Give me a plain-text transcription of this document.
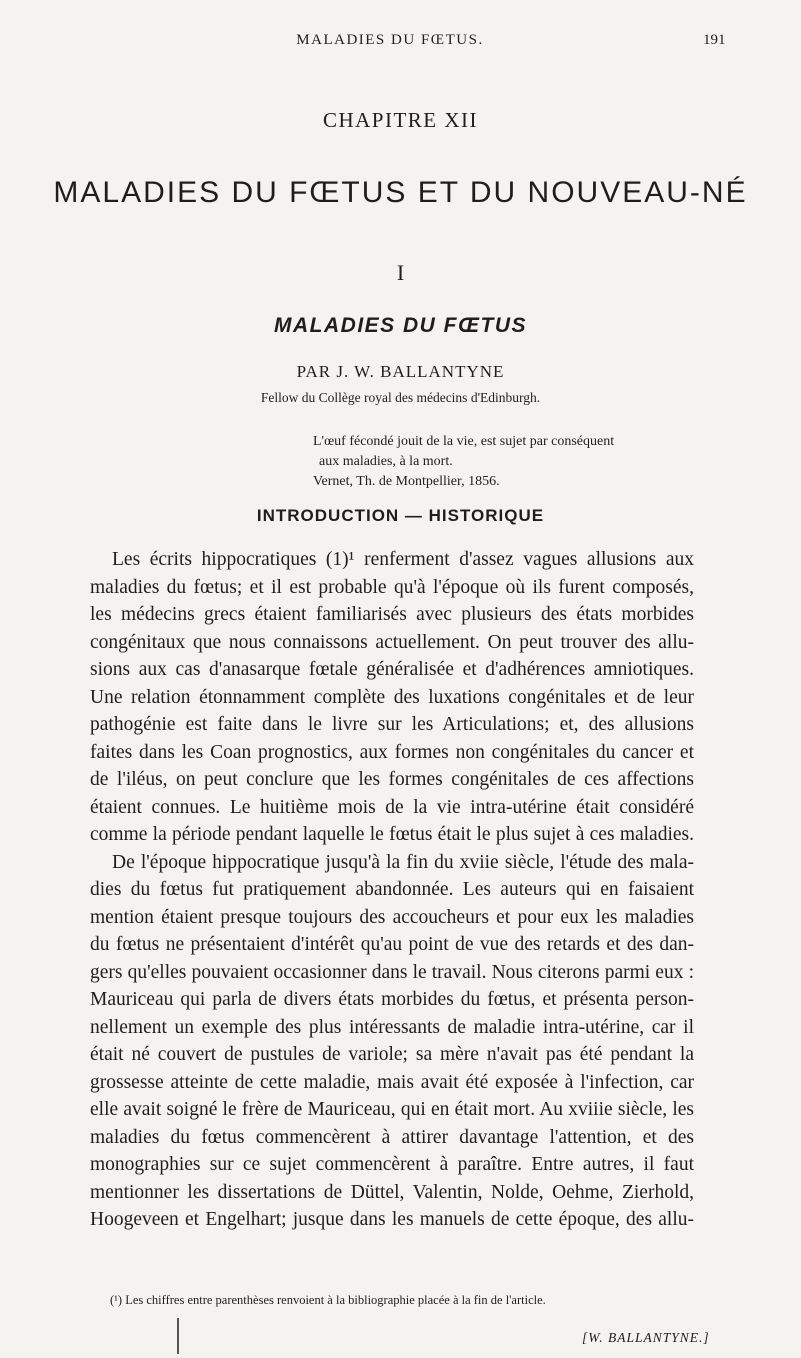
MALADIES DU FŒTUS.	191
CHAPITRE XII
MALADIES DU FŒTUS ET DU NOUVEAU-NÉ
I
MALADIES DU FŒTUS
PAR J. W. BALLANTYNE
Fellow du Collège royal des médecins d'Edinburgh.
L'œuf fécondé jouit de la vie, est sujet par conséquent
aux maladies, à la mort.
Vernet, Th. de Montpellier, 1856.
INTRODUCTION — HISTORIQUE
Les écrits hippocratiques (1)¹ renferment d'assez vagues allusions aux
maladies du fœtus; et il est probable qu'à l'époque où ils furent composés,
les médecins grecs étaient familiarisés avec plusieurs des états morbides
congénitaux que nous connaissons actuellement. On peut trouver des allu-
sions aux cas d'anasarque fœtale généralisée et d'adhérences amniotiques.
Une relation étonnamment complète des luxations congénitales et de leur
pathogénie est faite dans le livre sur les Articulations; et, des allusions
faites dans les Coan prognostics, aux formes non congénitales du cancer et
de l'iléus, on peut conclure que les formes congénitales de ces affections
étaient connues. Le huitième mois de la vie intra-utérine était considéré
comme la période pendant laquelle le fœtus était le plus sujet à ces maladies.
De l'époque hippocratique jusqu'à la fin du xviie siècle, l'étude des mala-
dies du fœtus fut pratiquement abandonnée. Les auteurs qui en faisaient
mention étaient presque toujours des accoucheurs et pour eux les maladies
du fœtus ne présentaient d'intérêt qu'au point de vue des retards et des dan-
gers qu'elles pouvaient occasionner dans le travail. Nous citerons parmi eux :
Mauriceau qui parla de divers états morbides du fœtus, et présenta person-
nellement un exemple des plus intéressants de maladie intra-utérine, car il
était né couvert de pustules de variole; sa mère n'avait pas été pendant la
grossesse atteinte de cette maladie, mais avait été exposée à l'infection, car
elle avait soigné le frère de Mauriceau, qui en était mort. Au xviiie siècle, les
maladies du fœtus commencèrent à attirer davantage l'attention, et des
monographies sur ce sujet commencèrent à paraître. Entre autres, il faut
mentionner les dissertations de Düttel, Valentin, Nolde, Oehme, Zierhold,
Hoogeveen et Engelhart; jusque dans les manuels de cette époque, des allu-
(¹) Les chiffres entre parenthèses renvoient à la bibliographie placée à la fin de l'article.
[W. BALLANTYNE.]
